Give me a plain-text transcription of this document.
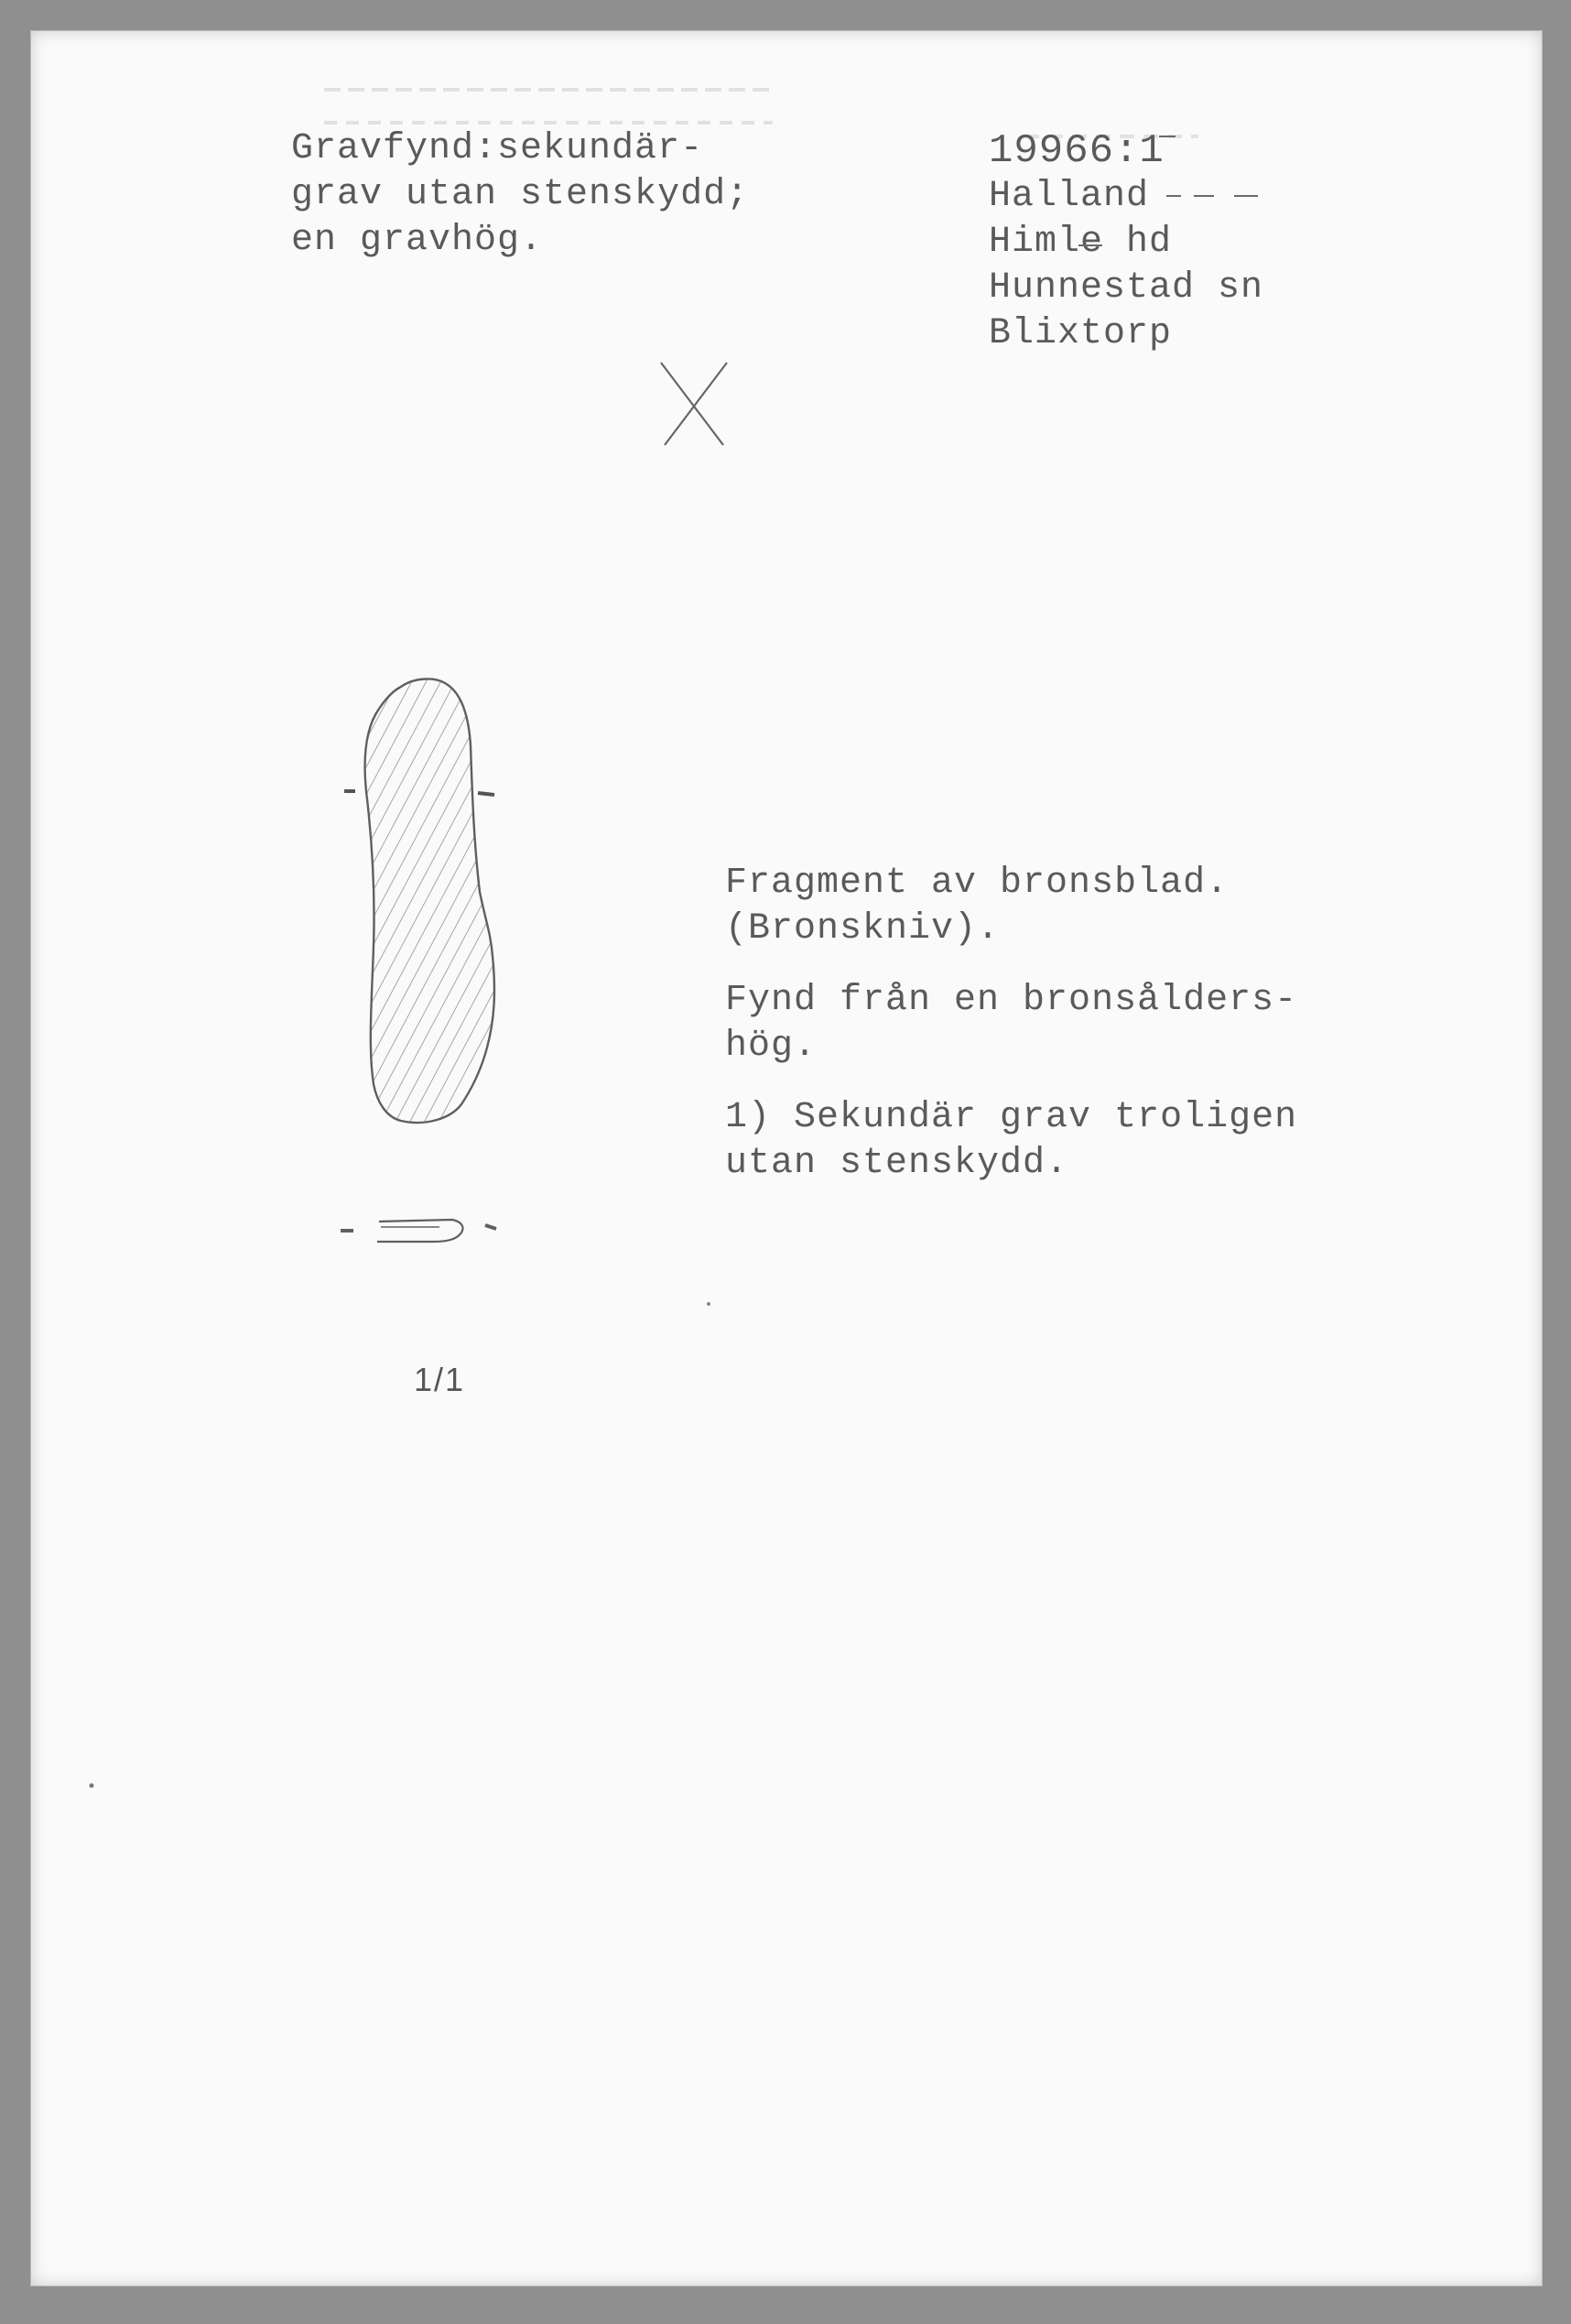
Gravfynd:sekundär-
grav utan stenskydd;
en gravhög.
19966:1
Halland
Himle hd
Hunnestad sn
Blixtorp
1/1
Fragment av bronsblad.
(Bronskniv).
Fynd från en bronsålders-
hög.
1) Sekundär grav troligen
utan stenskydd.
